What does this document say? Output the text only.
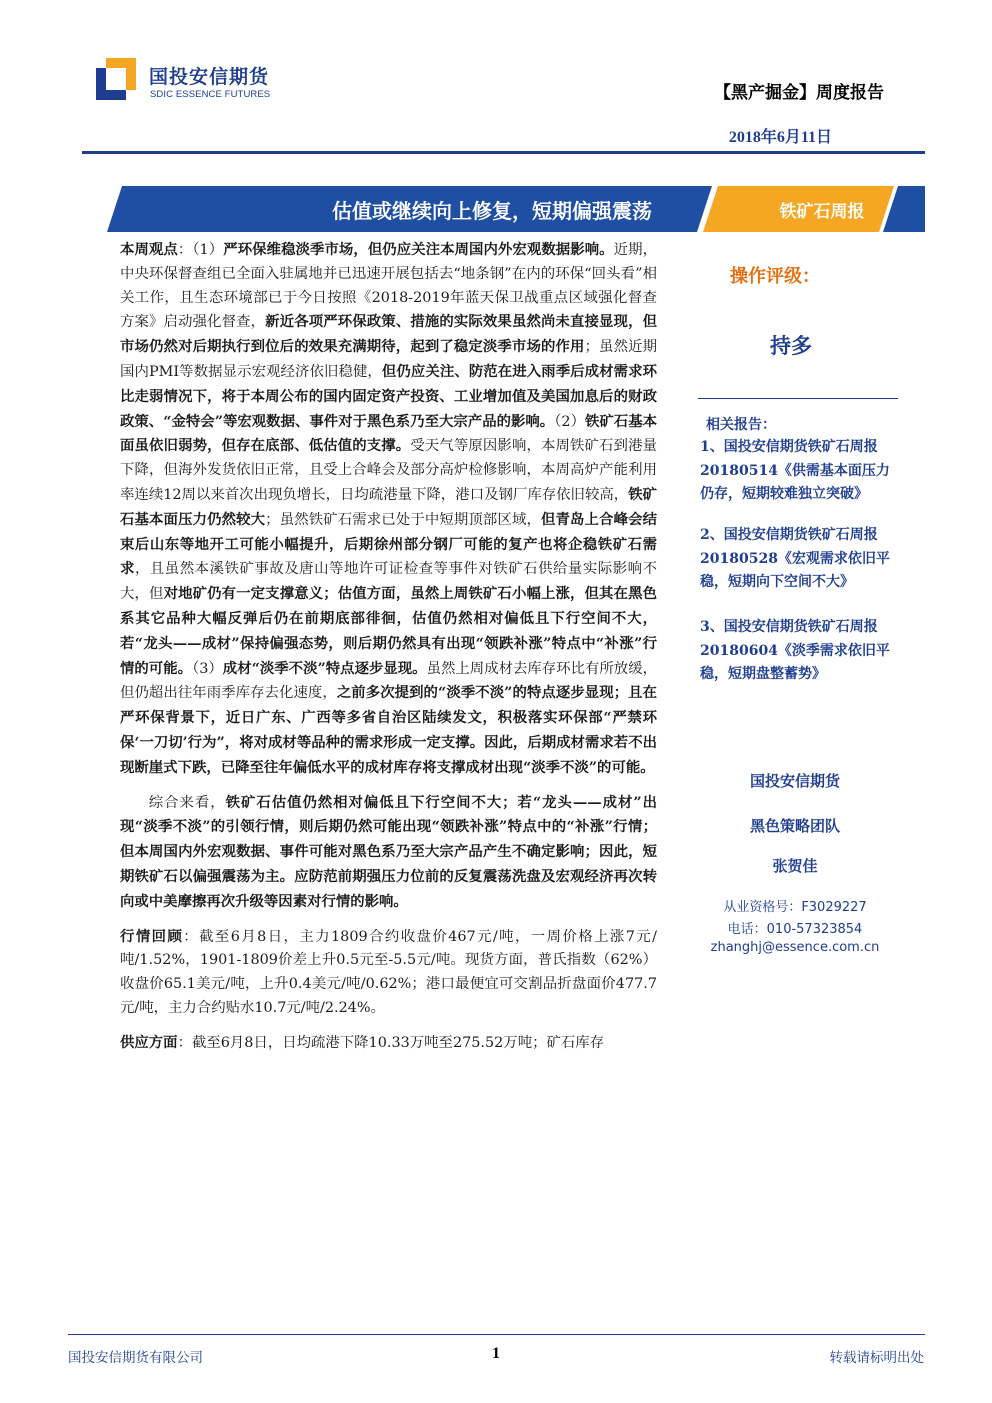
国投安信期货
SDIC ESSENCE FUTURES	【黑产掘金】周度报告
2018年6月11日
估值或继续向上修复，短期偏强震荡	铁矿石周报

本周观点：（1）严环保维稳淡季市场，但仍应关注本周国内外宏观数据影响。近期，中央环保督查组已全面入驻属地并已迅速开展包括去“地条钢”在内的环保“回头看”相关工作，且生态环境部已于今日按照《2018-2019年蓝天保卫战重点区域强化督查方案》启动强化督查，新近各项严环保政策、措施的实际效果虽然尚未直接显现，但市场仍然对后期执行到位后的效果充满期待，起到了稳定淡季市场的作用；虽然近期国内PMI等数据显示宏观经济依旧稳健，但仍应关注、防范在进入雨季后成材需求环比走弱情况下，将于本周公布的国内固定资产投资、工业增加值及美国加息后的财政政策、“金特会”等宏观数据、事件对于黑色系乃至大宗产品的影响。（2）铁矿石基本面虽依旧弱势，但存在底部、低估值的支撑。受天气等原因影响，本周铁矿石到港量下降，但海外发货依旧正常，且受上合峰会及部分高炉检修影响，本周高炉产能利用率连续12周以来首次出现负增长，日均疏港量下降，港口及钢厂库存依旧较高，铁矿石基本面压力仍然较大；虽然铁矿石需求已处于中短期顶部区域，但青岛上合峰会结束后山东等地开工可能小幅提升，后期徐州部分钢厂可能的复产也将企稳铁矿石需求，且虽然本溪铁矿事故及唐山等地许可证检查等事件对铁矿石供给量实际影响不大，但对地矿仍有一定支撑意义；估值方面，虽然上周铁矿石小幅上涨，但其在黑色系其它品种大幅反弹后仍在前期底部徘徊，估值仍然相对偏低且下行空间不大，若“龙头——成材”保持偏强态势，则后期仍然具有出现“领跌补涨”特点中“补涨”行情的可能。（3）成材“淡季不淡”特点逐步显现。虽然上周成材去库存环比有所放缓，但仍超出往年雨季库存去化速度，之前多次提到的“淡季不淡”的特点逐步显现；且在严环保背景下，近日广东、广西等多省自治区陆续发文，积极落实环保部“严禁环保‘一刀切’行为”，将对成材等品种的需求形成一定支撑。因此，后期成材需求若不出现断崖式下跌，已降至往年偏低水平的成材库存将支撑成材出现“淡季不淡”的可能。

综合来看，铁矿石估值仍然相对偏低且下行空间不大；若“龙头——成材”出现“淡季不淡”的引领行情，则后期仍然可能出现“领跌补涨”特点中的“补涨”行情；但本周国内外宏观数据、事件可能对黑色系乃至大宗产品产生不确定影响；因此，短期铁矿石以偏强震荡为主。应防范前期强压力位前的反复震荡洗盘及宏观经济再次转向或中美摩擦再次升级等因素对行情的影响。

行情回顾：截至6月8日，主力1809合约收盘价467元/吨，一周价格上涨7元/吨/1.52%，1901-1809价差上升0.5元至-5.5元/吨。现货方面，普氏指数（62%）收盘价65.1美元/吨，上升0.4美元/吨/0.62%；港口最便宜可交割品折盘面价477.7元/吨，主力合约贴水10.7元/吨/2.24%。

供应方面：截至6月8日，日均疏港下降10.33万吨至275.52万吨；矿石库存

操作评级：
持多
相关报告：
1、国投安信期货铁矿石周报20180514《供需基本面压力仍存，短期较难独立突破》
2、国投安信期货铁矿石周报20180528《宏观需求依旧平稳，短期向下空间不大》
3、国投安信期货铁矿石周报20180604《淡季需求依旧平稳，短期盘整蓄势》
国投安信期货
黑色策略团队
张贺佳
从业资格号：F3029227
电话：010-57323854
zhanghj@essence.com.cn
国投安信期货有限公司	1	转载请标明出处
